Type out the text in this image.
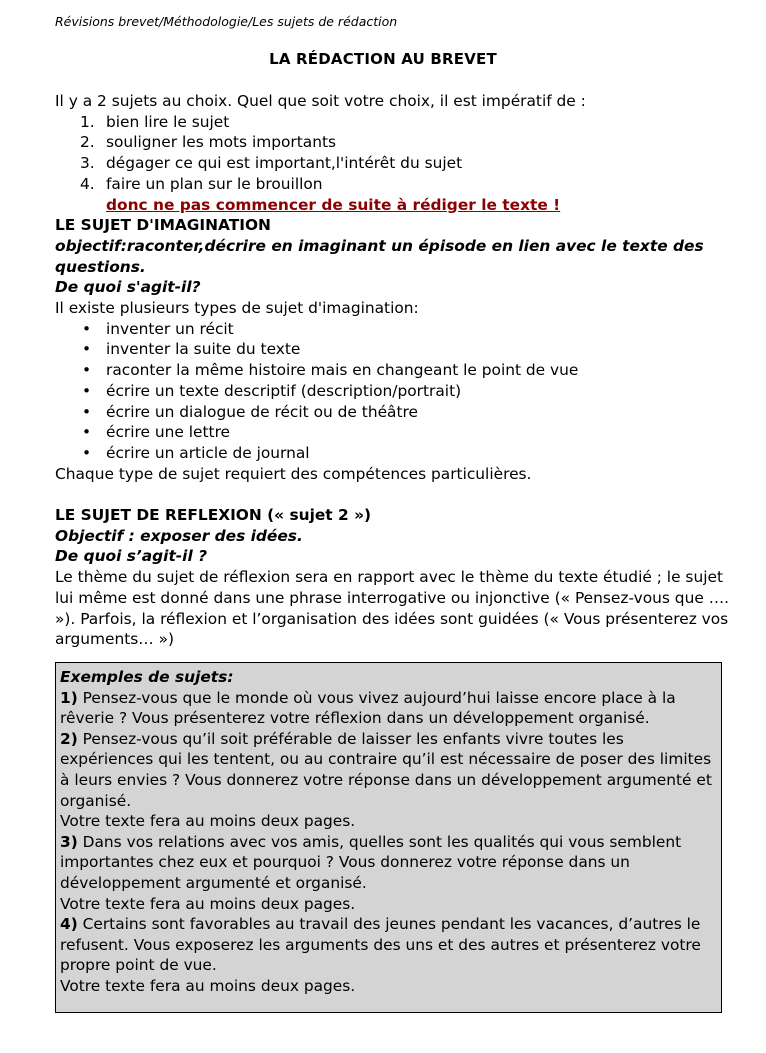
Révisions brevet/Méthodologie/Les sujets de rédaction
LA RÉDACTION AU BREVET
Il y a 2 sujets au choix. Quel que soit votre choix, il est impératif de :
1. bien lire le sujet
2. souligner les mots importants
3. dégager ce qui est important,l'intérêt du sujet
4. faire un plan sur le brouillon
donc ne pas commencer de suite à rédiger le texte !
LE SUJET D'IMAGINATION
objectif:raconter,décrire en imaginant un épisode en lien avec le texte des questions.
De quoi s'agit-il?
Il existe plusieurs types de sujet d'imagination:
• inventer un récit
• inventer la suite du texte
• raconter la même histoire mais en changeant le point de vue
• écrire un texte descriptif (description/portrait)
• écrire un dialogue de récit ou de théâtre
• écrire une lettre
• écrire un article de journal
Chaque type de sujet requiert des compétences particulières.
LE SUJET DE REFLEXION (« sujet 2 »)
Objectif : exposer des idées.
De quoi s’agit-il ?
Le thème du sujet de réflexion sera en rapport avec le thème du texte étudié ; le sujet lui même est donné dans une phrase interrogative ou injonctive (« Pensez-vous que …. »). Parfois, la réflexion et l’organisation des idées sont guidées (« Vous présenterez vos arguments… »)
Exemples de sujets:
1) Pensez-vous que le monde où vous vivez aujourd’hui laisse encore place à la rêverie ? Vous présenterez votre réflexion dans un développement organisé.
2) Pensez-vous qu’il soit préférable de laisser les enfants vivre toutes les expériences qui les tentent, ou au contraire qu’il est nécessaire de poser des limites à leurs envies ? Vous donnerez votre réponse dans un développement argumenté et organisé.
Votre texte fera au moins deux pages.
3) Dans vos relations avec vos amis, quelles sont les qualités qui vous semblent importantes chez eux et pourquoi ? Vous donnerez votre réponse dans un développement argumenté et organisé.
Votre texte fera au moins deux pages.
4) Certains sont favorables au travail des jeunes pendant les vacances, d’autres le refusent. Vous exposerez les arguments des uns et des autres et présenterez votre propre point de vue.
Votre texte fera au moins deux pages.
